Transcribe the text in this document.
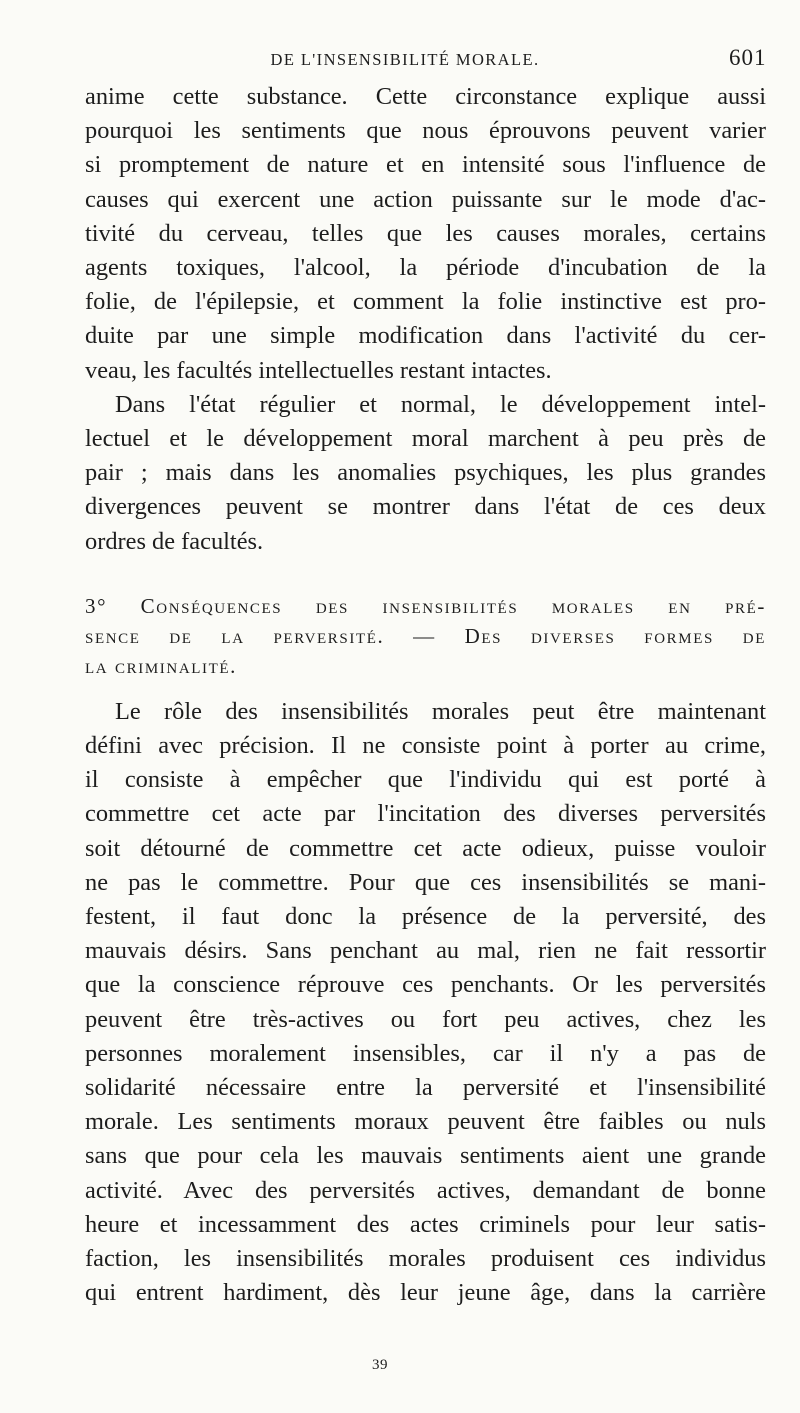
DE L'INSENSIBILITÉ MORALE.	601
anime cette substance. Cette circonstance explique aussi
pourquoi les sentiments que nous éprouvons peuvent varier
si promptement de nature et en intensité sous l'influence de
causes qui exercent une action puissante sur le mode d'ac-
tivité du cerveau, telles que les causes morales, certains
agents toxiques, l'alcool, la période d'incubation de la
folie, de l'épilepsie, et comment la folie instinctive est pro-
duite par une simple modification dans l'activité du cer-
veau, les facultés intellectuelles restant intactes.
Dans l'état régulier et normal, le développement intel-
lectuel et le développement moral marchent à peu près de
pair ; mais dans les anomalies psychiques, les plus grandes
divergences peuvent se montrer dans l'état de ces deux
ordres de facultés.
3° Conséquences des insensibilités morales en pré-
sence de la perversité. — Des diverses formes de
la criminalité.
Le rôle des insensibilités morales peut être maintenant
défini avec précision. Il ne consiste point à porter au crime,
il consiste à empêcher que l'individu qui est porté à
commettre cet acte par l'incitation des diverses perversités
soit détourné de commettre cet acte odieux, puisse vouloir
ne pas le commettre. Pour que ces insensibilités se mani-
festent, il faut donc la présence de la perversité, des
mauvais désirs. Sans penchant au mal, rien ne fait ressortir
que la conscience réprouve ces penchants. Or les perversités
peuvent être très-actives ou fort peu actives, chez les
personnes moralement insensibles, car il n'y a pas de
solidarité nécessaire entre la perversité et l'insensibilité
morale. Les sentiments moraux peuvent être faibles ou nuls
sans que pour cela les mauvais sentiments aient une grande
activité. Avec des perversités actives, demandant de bonne
heure et incessamment des actes criminels pour leur satis-
faction, les insensibilités morales produisent ces individus
qui entrent hardiment, dès leur jeune âge, dans la carrière
39
